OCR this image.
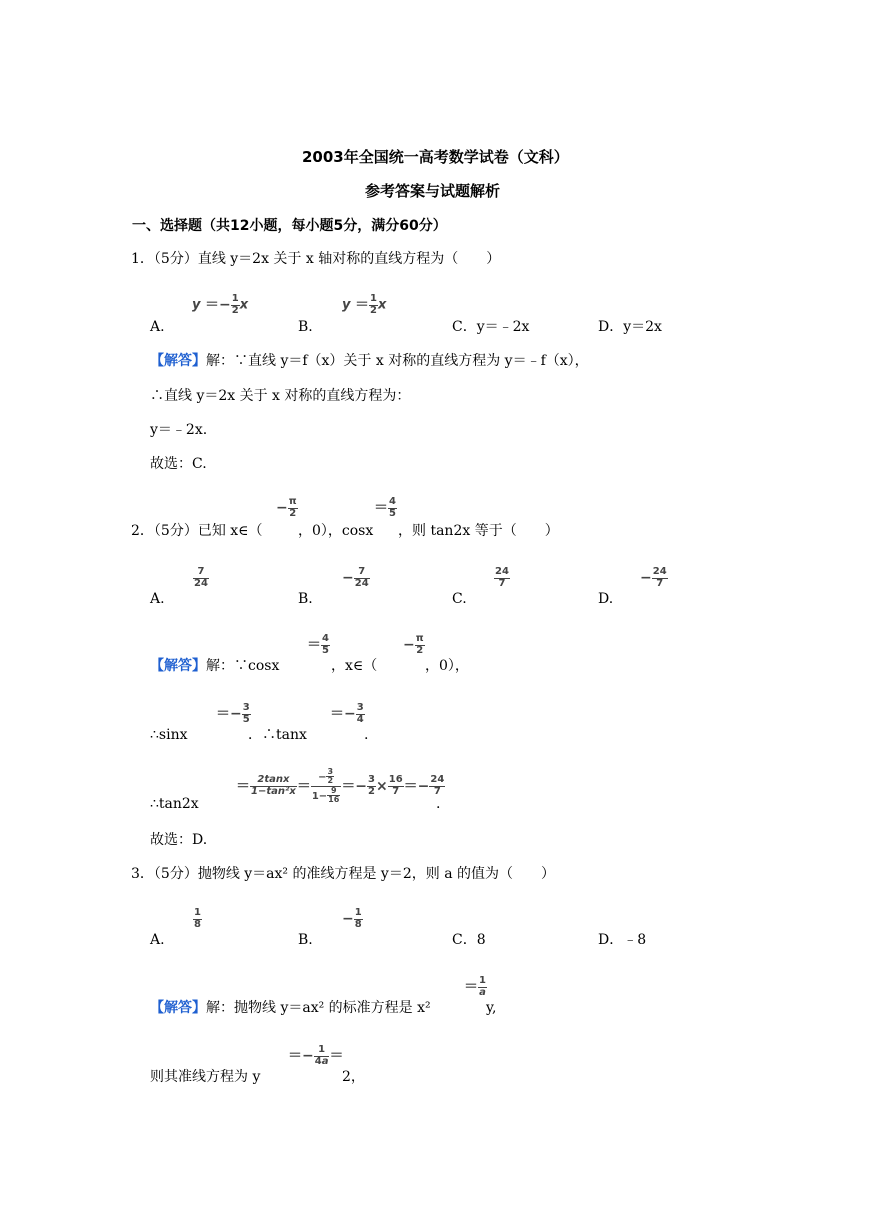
2003年全国统一高考数学试卷（文科）
参考答案与试题解析
一、选择题（共12小题，每小题5分，满分60分）
1．（5分）直线 y＝2x 关于 x 轴对称的直线方程为（　　）
A.
$y =- \frac{1}{2}$ x
B.
$y = \frac{1}{2}$ x
C．y＝﹣2x	D．y＝2x
【解答】解：∵直线 y＝f（x）关于 x 对称的直线方程为 y＝﹣f（x），
∴直线 y＝2x 关于 x 对称的直线方程为：
y＝﹣2x.
故选：C.
2．（5分）已知 x∈（
− $\frac{\pi}{2}$
，0），cosx
＝ $\frac{4}{5}$
，则 tan2x 等于（　　）
A.
$\frac{7}{24}$
B.
− $\frac{7}{24}$
C.
$\frac{24}{7}$
D.
− $\frac{24}{7}$
【解答】解：∵cosx
＝ $\frac{4}{5}$
，x∈（
− $\frac{\pi}{2}$
，0），
∴sinx
＝− $\frac{3}{5}$
．∴tanx
＝− $\frac{3}{4}$
.
∴tan2x
＝ $\frac{2\tan x}{\text{1−tan²x}} = \frac{- \frac{3}{2}}{1- \frac{9}{16}} =- \frac{3}{2} \times \frac{16}{7} =- \frac{24}{7}$
.
故选：D.
3．（5分）抛物线 y＝ax² 的准线方程是 y＝2，则 a 的值为（　　）
A.
$\frac{1}{8}$
B.
− $\frac{1}{8}$
C．8	D．﹣8
【解答】解：抛物线 y＝ax² 的标准方程是 x²
＝ $\frac{1}{a}$
y,
则其准线方程为 y
＝− $\frac{1}{4a}$ ＝
2，
